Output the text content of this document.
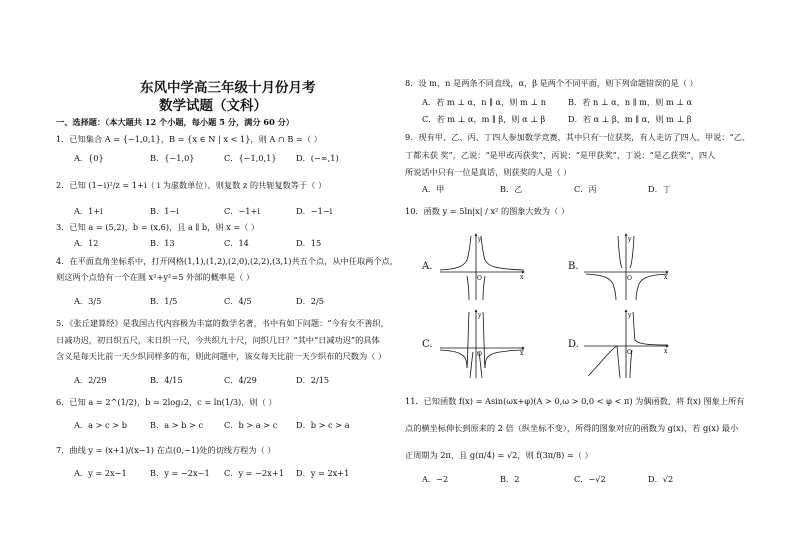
东风中学高三年级十月份月考
数学试题（文科）
一、选择题：（本大题共 12 个小题，每小题 5 分，满分 60 分）
1．已知集合 A = {−1,0,1}，B = {x ∈ N | x < 1}，则 A ∩ B =（ ）
A．{0}	B．{−1,0}	C．{−1,0,1} D．(−∞,1)
2．已知 (1−i)²/z = 1+i（ i 为虚数单位），则复数 z 的共轭复数等于（ ）
A．1+i	B．1−i	C．−1+i	D．−1−i
3．已知 a = (5,2)，b = (x,6)，且 a ∥ b，则 x =（ ）
A．12	B．13	C．14	D．15
4．在平面直角坐标系中，打开网格(1,1),(1,2),(2,0),(2,2),(3,1)共五个点，从中任取两个点，
则这两个点恰有一个在圆 x²+y²=5 外部的概率是（ ）
A．3/5	B．1/5	C．4/5	D．2/5
5．《张丘建算经》是我国古代内容极为丰富的数学名著，书中有如下问题：“今有女不善织，
日减功迟，初日织五尺，末日织一尺，今共织九十尺，问织几日？”其中“日减功迟”的具体
含义是每天比前一天少织同样多的布，则此问题中，该女每天比前一天少织布的尺数为（ ）
A．2/29	B．4/15	C．4/29	D．2/15
6．已知 a = 2^(1/2)，b = 2log₂2，c = ln(1/3)，则（ ）
A．a > c > b	B．a > b > c	C．b > a > c D．b > c > a
7．曲线 y = (x+1)/(x−1) 在点(0,−1)处的切线方程为（ ）
A．y = 2x−1	B．y = −2x−1 C．y = −2x+1 D．y = 2x+1
8．设 m，n 是两条不同直线，α，β 是两个不同平面，则下列命题错误的是（ ）
A．若 m ⊥ α，n ∥ α，则 m ⊥ n	B．若 n ⊥ α，n ∥ m，则 m ⊥ α
C．若 m ⊥ α，m ∥ β，则 α ⊥ β	D．若 α ⊥ β，m ∥ α，则 m ⊥ β
9．现有甲、乙、丙、丁四人参加数学竞赛，其中只有一位获奖，有人走访了四人，甲说：“乙、
丁都未获 奖”，乙说：“是甲或丙获奖”，丙说：“是甲获奖”，丁说：“是乙获奖”，四人
所说话中只有一位是真话，则获奖的人是（ ）
A．甲	B．乙	C．丙	D．丁
10．函数 y = 5ln|x| / x² 的图象大致为（ ）
A.
y
O	x
B.
y
O	x
C.
y
O	x
D.
y
O	x
11．已知函数 f(x) = Asin(ωx+φ)(A > 0,ω > 0,0 < φ < π) 为偶函数，将 f(x) 图象上所有
点的横坐标伸长到原来的 2 倍（纵坐标不变），所得的图象对应的函数为 g(x)，若 g(x) 最小
正周期为 2π，且 g(π/4) = √2，则 f(3π/8) =（ ）
A．−2	B．2	C．−√2	D．√2
